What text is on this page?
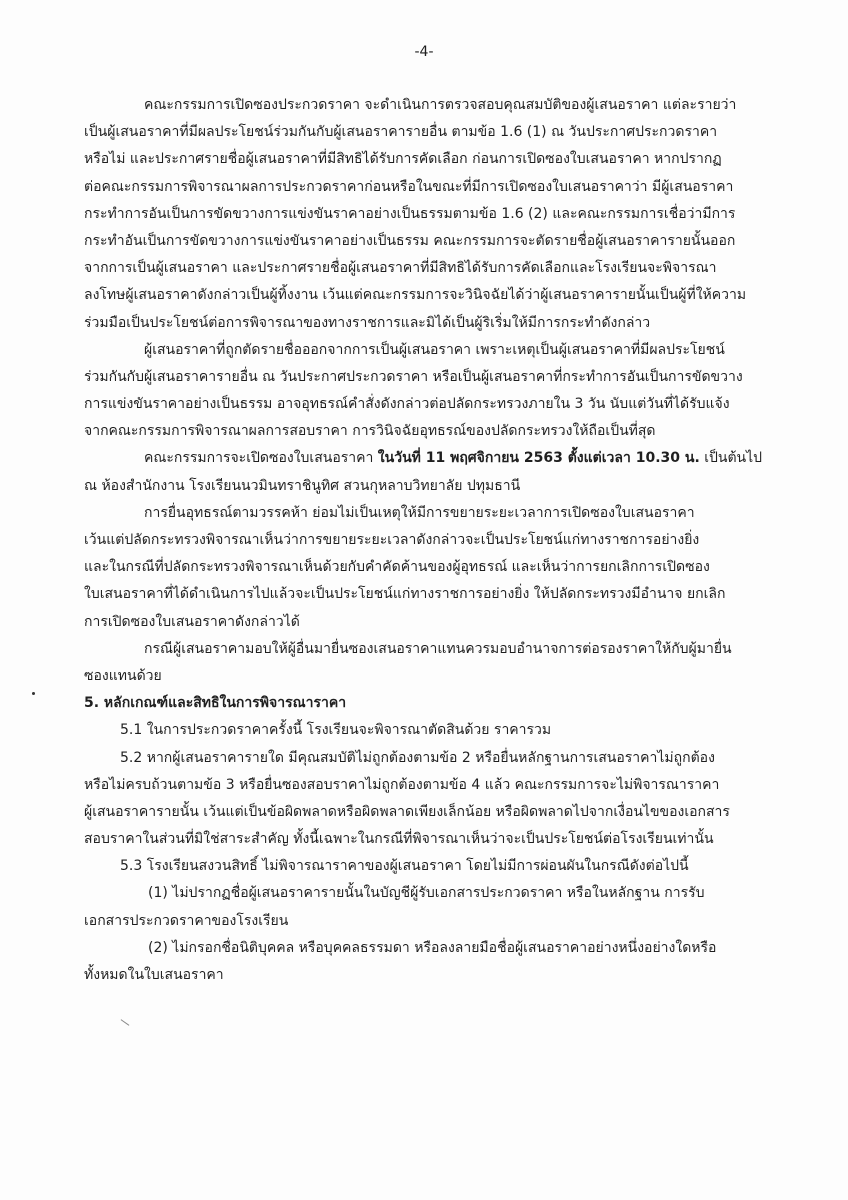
-4-
คณะกรรมการเปิดซองประกวดราคา จะดำเนินการตรวจสอบคุณสมบัติของผู้เสนอราคา แต่ละรายว่า
เป็นผู้เสนอราคาที่มีผลประโยชน์ร่วมกันกับผู้เสนอราคารายอื่น ตามข้อ 1.6 (1) ณ วันประกาศประกวดราคา
หรือไม่ และประกาศรายชื่อผู้เสนอราคาที่มีสิทธิได้รับการคัดเลือก ก่อนการเปิดซองใบเสนอราคา หากปรากฏ
ต่อคณะกรรมการพิจารณาผลการประกวดราคาก่อนหรือในขณะที่มีการเปิดซองใบเสนอราคาว่า มีผู้เสนอราคา
กระทำการอันเป็นการขัดขวางการแข่งขันราคาอย่างเป็นธรรมตามข้อ 1.6 (2) และคณะกรรมการเชื่อว่ามีการ
กระทำอันเป็นการขัดขวางการแข่งขันราคาอย่างเป็นธรรม คณะกรรมการจะตัดรายชื่อผู้เสนอราคารายนั้นออก
จากการเป็นผู้เสนอราคา และประกาศรายชื่อผู้เสนอราคาที่มีสิทธิได้รับการคัดเลือกและโรงเรียนจะพิจารณา
ลงโทษผู้เสนอราคาดังกล่าวเป็นผู้ทิ้งงาน เว้นแต่คณะกรรมการจะวินิจฉัยได้ว่าผู้เสนอราคารายนั้นเป็นผู้ที่ให้ความ
ร่วมมือเป็นประโยชน์ต่อการพิจารณาของทางราชการและมิได้เป็นผู้ริเริ่มให้มีการกระทำดังกล่าว
ผู้เสนอราคาที่ถูกตัดรายชื่อออกจากการเป็นผู้เสนอราคา เพราะเหตุเป็นผู้เสนอราคาที่มีผลประโยชน์
ร่วมกันกับผู้เสนอราคารายอื่น ณ วันประกาศประกวดราคา หรือเป็นผู้เสนอราคาที่กระทำการอันเป็นการขัดขวาง
การแข่งขันราคาอย่างเป็นธรรม อาจอุทธรณ์คำสั่งดังกล่าวต่อปลัดกระทรวงภายใน 3 วัน นับแต่วันที่ได้รับแจ้ง
จากคณะกรรมการพิจารณาผลการสอบราคา การวินิจฉัยอุทธรณ์ของปลัดกระทรวงให้ถือเป็นที่สุด
คณะกรรมการจะเปิดซองใบเสนอราคา ในวันที่ 11 พฤศจิกายน 2563 ตั้งแต่เวลา 10.30 น. เป็นต้นไป
ณ ห้องสำนักงาน โรงเรียนนวมินทราชินูทิศ สวนกุหลาบวิทยาลัย ปทุมธานี
การยื่นอุทธรณ์ตามวรรคห้า ย่อมไม่เป็นเหตุให้มีการขยายระยะเวลาการเปิดซองใบเสนอราคา
เว้นแต่ปลัดกระทรวงพิจารณาเห็นว่าการขยายระยะเวลาดังกล่าวจะเป็นประโยชน์แก่ทางราชการอย่างยิ่ง
และในกรณีที่ปลัดกระทรวงพิจารณาเห็นด้วยกับคำคัดค้านของผู้อุทธรณ์ และเห็นว่าการยกเลิกการเปิดซอง
ใบเสนอราคาที่ได้ดำเนินการไปแล้วจะเป็นประโยชน์แก่ทางราชการอย่างยิ่ง ให้ปลัดกระทรวงมีอำนาจ ยกเลิก
การเปิดซองใบเสนอราคาดังกล่าวได้
กรณีผู้เสนอราคามอบให้ผู้อื่นมายื่นซองเสนอราคาแทนควรมอบอำนาจการต่อรองราคาให้กับผู้มายื่น
ซองแทนด้วย
5. หลักเกณฑ์และสิทธิในการพิจารณาราคา
5.1 ในการประกวดราคาครั้งนี้ โรงเรียนจะพิจารณาตัดสินด้วย ราคารวม
5.2 หากผู้เสนอราคารายใด มีคุณสมบัติไม่ถูกต้องตามข้อ 2 หรือยื่นหลักฐานการเสนอราคาไม่ถูกต้อง
หรือไม่ครบถ้วนตามข้อ 3 หรือยื่นซองสอบราคาไม่ถูกต้องตามข้อ 4 แล้ว คณะกรรมการจะไม่พิจารณาราคา
ผู้เสนอราคารายนั้น เว้นแต่เป็นข้อผิดพลาดหรือผิดพลาดเพียงเล็กน้อย หรือผิดพลาดไปจากเงื่อนไขของเอกสาร
สอบราคาในส่วนที่มิใช่สาระสำคัญ ทั้งนี้เฉพาะในกรณีที่พิจารณาเห็นว่าจะเป็นประโยชน์ต่อโรงเรียนเท่านั้น
5.3 โรงเรียนสงวนสิทธิ์ ไม่พิจารณาราคาของผู้เสนอราคา โดยไม่มีการผ่อนผันในกรณีดังต่อไปนี้
(1) ไม่ปรากฏชื่อผู้เสนอราคารายนั้นในบัญชีผู้รับเอกสารประกวดราคา หรือในหลักฐาน การรับ
เอกสารประกวดราคาของโรงเรียน
(2) ไม่กรอกชื่อนิติบุคคล หรือบุคคลธรรมดา หรือลงลายมือชื่อผู้เสนอราคาอย่างหนึ่งอย่างใดหรือ
ทั้งหมดในใบเสนอราคา
